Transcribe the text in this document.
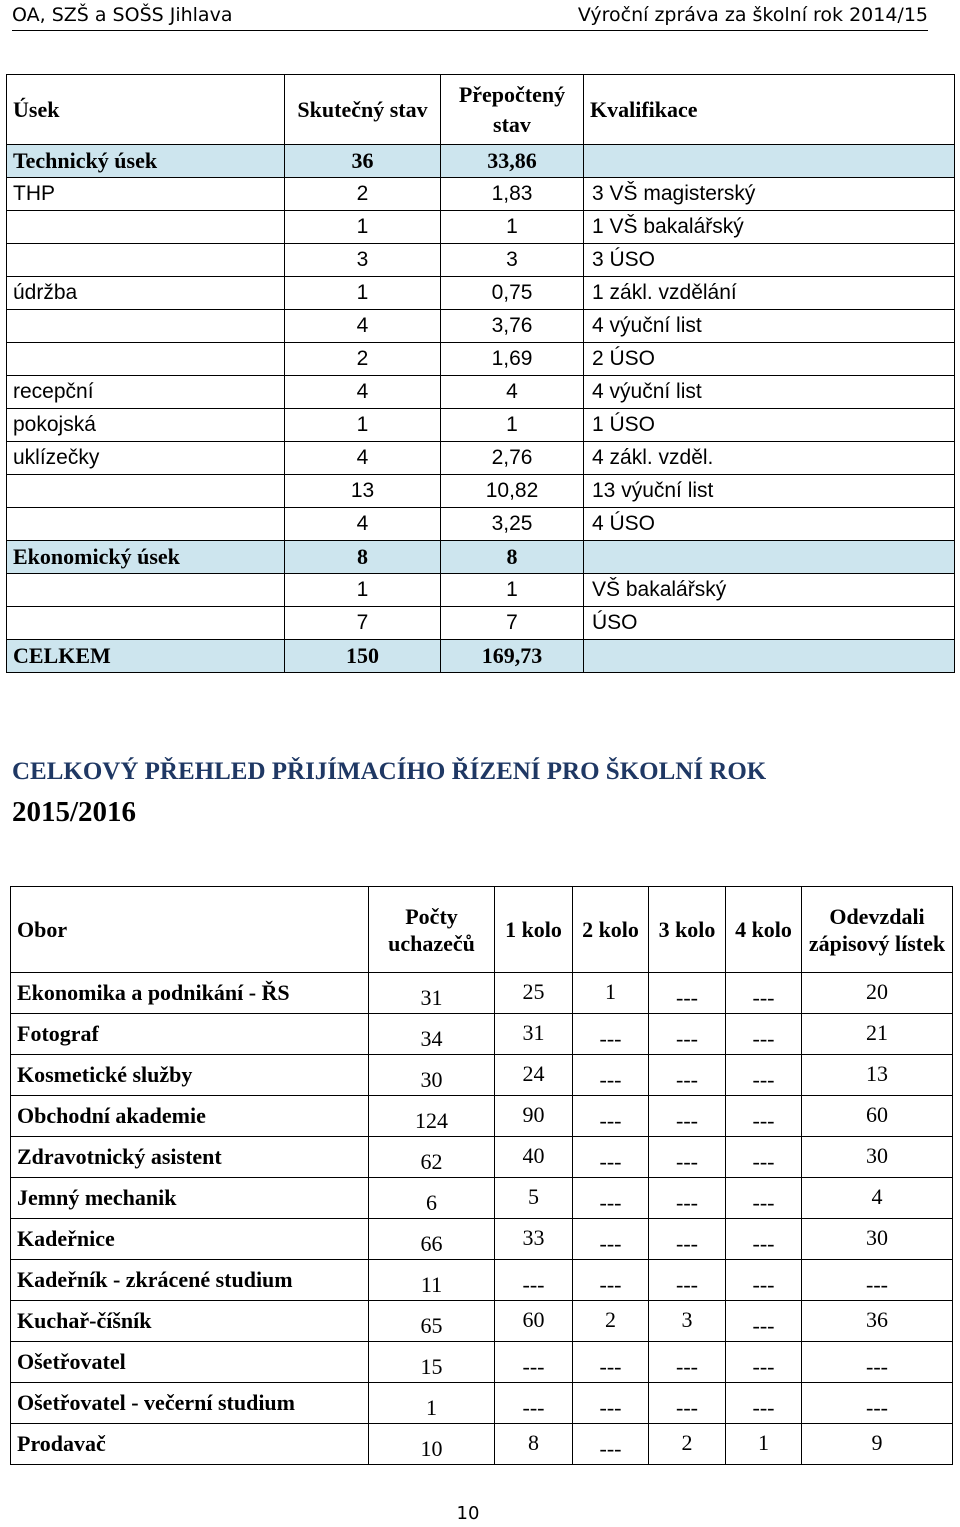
OA, SZŠ a SOŠS Jihlava	Výroční zpráva za školní rok 2014/15
Úsek	Skutečný stav	Přepočtený stav	Kvalifikace
Technický úsek	36	33,86	
THP	2	1,83	3 VŠ magisterský
	1	1	1 VŠ bakalářský
	3	3	3 ÚSO
údržba	1	0,75	1 zákl. vzdělání
	4	3,76	4 výuční list
	2	1,69	2 ÚSO
recepční	4	4	4 výuční list
pokojská	1	1	1 ÚSO
uklízečky	4	2,76	4 zákl. vzděl.
	13	10,82	13 výuční list
	4	3,25	4 ÚSO
Ekonomický úsek	8	8	
	1	1	VŠ bakalářský
	7	7	ÚSO
CELKEM	150	169,73	
CELKOVÝ PŘEHLED PŘIJÍMACÍHO ŘÍZENÍ PRO ŠKOLNÍ ROK
2015/2016
Obor	Počty uchazečů	1 kolo	2 kolo	3 kolo	4 kolo	Odevzdali zápisový lístek
Ekonomika a podnikání - ŘS	31	25	1	---	---	20
Fotograf	34	31	---	---	---	21
Kosmetické služby	30	24	---	---	---	13
Obchodní akademie	124	90	---	---	---	60
Zdravotnický asistent	62	40	---	---	---	30
Jemný mechanik	6	5	---	---	---	4
Kadeřnice	66	33	---	---	---	30
Kadeřník - zkrácené studium	11	---	---	---	---	---
Kuchař-číšník	65	60	2	3	---	36
Ošetřovatel	15	---	---	---	---	---
Ošetřovatel - večerní studium	1	---	---	---	---	---
Prodavač	10	8	---	2	1	9
10
